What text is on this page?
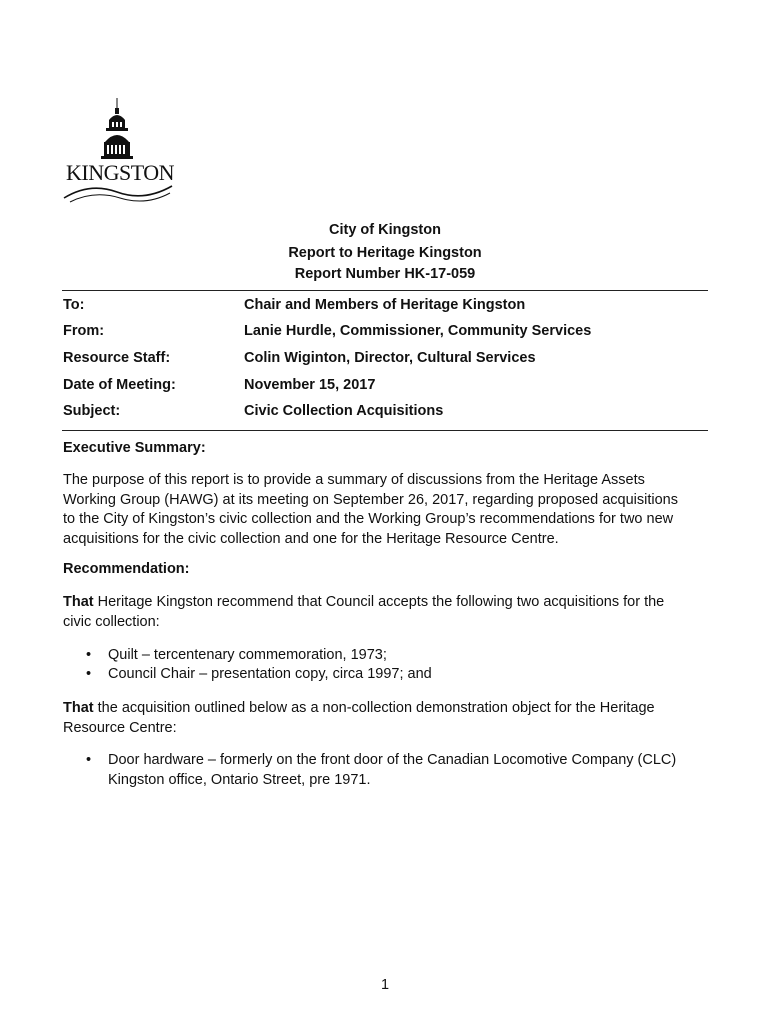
KINGSTON
City of Kingston
Report to Heritage Kingston
Report Number HK-17-059
To:	Chair and Members of Heritage Kingston
From:	Lanie Hurdle, Commissioner, Community Services
Resource Staff:	Colin Wiginton, Director, Cultural Services
Date of Meeting:	November 15, 2017
Subject:	Civic Collection Acquisitions
Executive Summary:
The purpose of this report is to provide a summary of discussions from the Heritage Assets
Working Group (HAWG) at its meeting on September 26, 2017, regarding proposed acquisitions
to the City of Kingston’s civic collection and the Working Group’s recommendations for two new
acquisitions for the civic collection and one for the Heritage Resource Centre.
Recommendation:
That Heritage Kingston recommend that Council accepts the following two acquisitions for the
civic collection:
• Quilt – tercentenary commemoration, 1973;
• Council Chair – presentation copy, circa 1997; and
That the acquisition outlined below as a non-collection demonstration object for the Heritage
Resource Centre:
• Door hardware – formerly on the front door of the Canadian Locomotive Company (CLC)
Kingston office, Ontario Street, pre 1971.
1
